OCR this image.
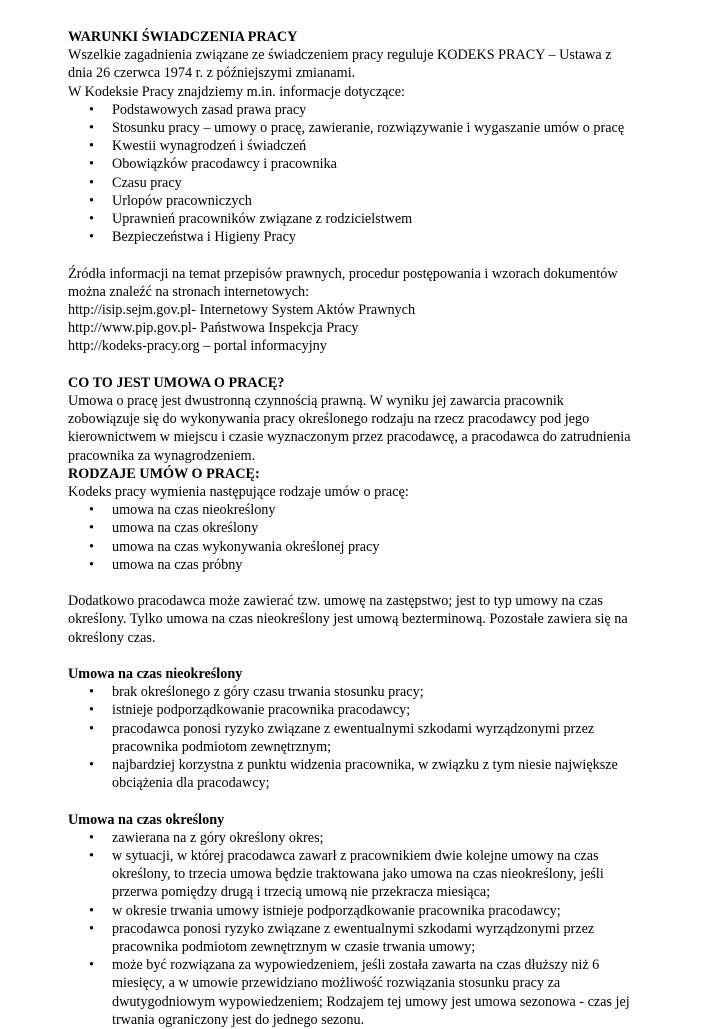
WARUNKI ŚWIADCZENIA PRACY

Wszelkie zagadnienia związane ze świadczeniem pracy reguluje KODEKS PRACY – Ustawa z

dnia 26 czerwca 1974 r. z późniejszymi zmianami.

W Kodeksie Pracy znajdziemy m.in. informacje dotyczące:

• Podstawowych zasad prawa pracy
• Stosunku pracy – umowy o pracę, zawieranie, rozwiązywanie i wygaszanie umów o pracę
• Kwestii wynagrodzeń i świadczeń
• Obowiązków pracodawcy i pracownika
• Czasu pracy
• Urlopów pracowniczych
• Uprawnień pracowników związane z rodzicielstwem
• Bezpieczeństwa i Higieny Pracy

Źródła informacji na temat przepisów prawnych, procedur postępowania i wzorach dokumentów

można znaleźć na stronach internetowych:

http://isip.sejm.gov.pl- Internetowy System Aktów Prawnych

http://www.pip.gov.pl- Państwowa Inspekcja Pracy

http://kodeks-pracy.org – portal informacyjny

CO TO JEST UMOWA O PRACĘ?

Umowa o pracę jest dwustronną czynnością prawną. W wyniku jej zawarcia pracownik

zobowiązuje się do wykonywania pracy określonego rodzaju na rzecz pracodawcy pod jego

kierownictwem w miejscu i czasie wyznaczonym przez pracodawcę, a pracodawca do zatrudnienia

pracownika za wynagrodzeniem.

RODZAJE UMÓW O PRACĘ:

Kodeks pracy wymienia następujące rodzaje umów o pracę:

• umowa na czas nieokreślony
• umowa na czas określony
• umowa na czas wykonywania określonej pracy
• umowa na czas próbny

Dodatkowo pracodawca może zawierać tzw. umowę na zastępstwo; jest to typ umowy na czas

określony. Tylko umowa na czas nieokreślony jest umową bezterminową. Pozostałe zawiera się na

określony czas.

Umowa na czas nieokreślony

• brak określonego z góry czasu trwania stosunku pracy;
• istnieje podporządkowanie pracownika pracodawcy;
• pracodawca ponosi ryzyko związane z ewentualnymi szkodami wyrządzonymi przez
pracownika podmiotom zewnętrznym;
• najbardziej korzystna z punktu widzenia pracownika, w związku z tym niesie największe
obciążenia dla pracodawcy;

Umowa na czas określony

• zawierana na z góry określony okres;
• w sytuacji, w której pracodawca zawarł z pracownikiem dwie kolejne umowy na czas
określony, to trzecia umowa będzie traktowana jako umowa na czas nieokreślony, jeśli
przerwa pomiędzy drugą i trzecią umową nie przekracza miesiąca;
• w okresie trwania umowy istnieje podporządkowanie pracownika pracodawcy;
• pracodawca ponosi ryzyko związane z ewentualnymi szkodami wyrządzonymi przez
pracownika podmiotom zewnętrznym w czasie trwania umowy;
• może być rozwiązana za wypowiedzeniem, jeśli została zawarta na czas dłuższy niż 6
miesięcy, a w umowie przewidziano możliwość rozwiązania stosunku pracy za
dwutygodniowym wypowiedzeniem; Rodzajem tej umowy jest umowa sezonowa - czas jej
trwania ograniczony jest do jednego sezonu.
